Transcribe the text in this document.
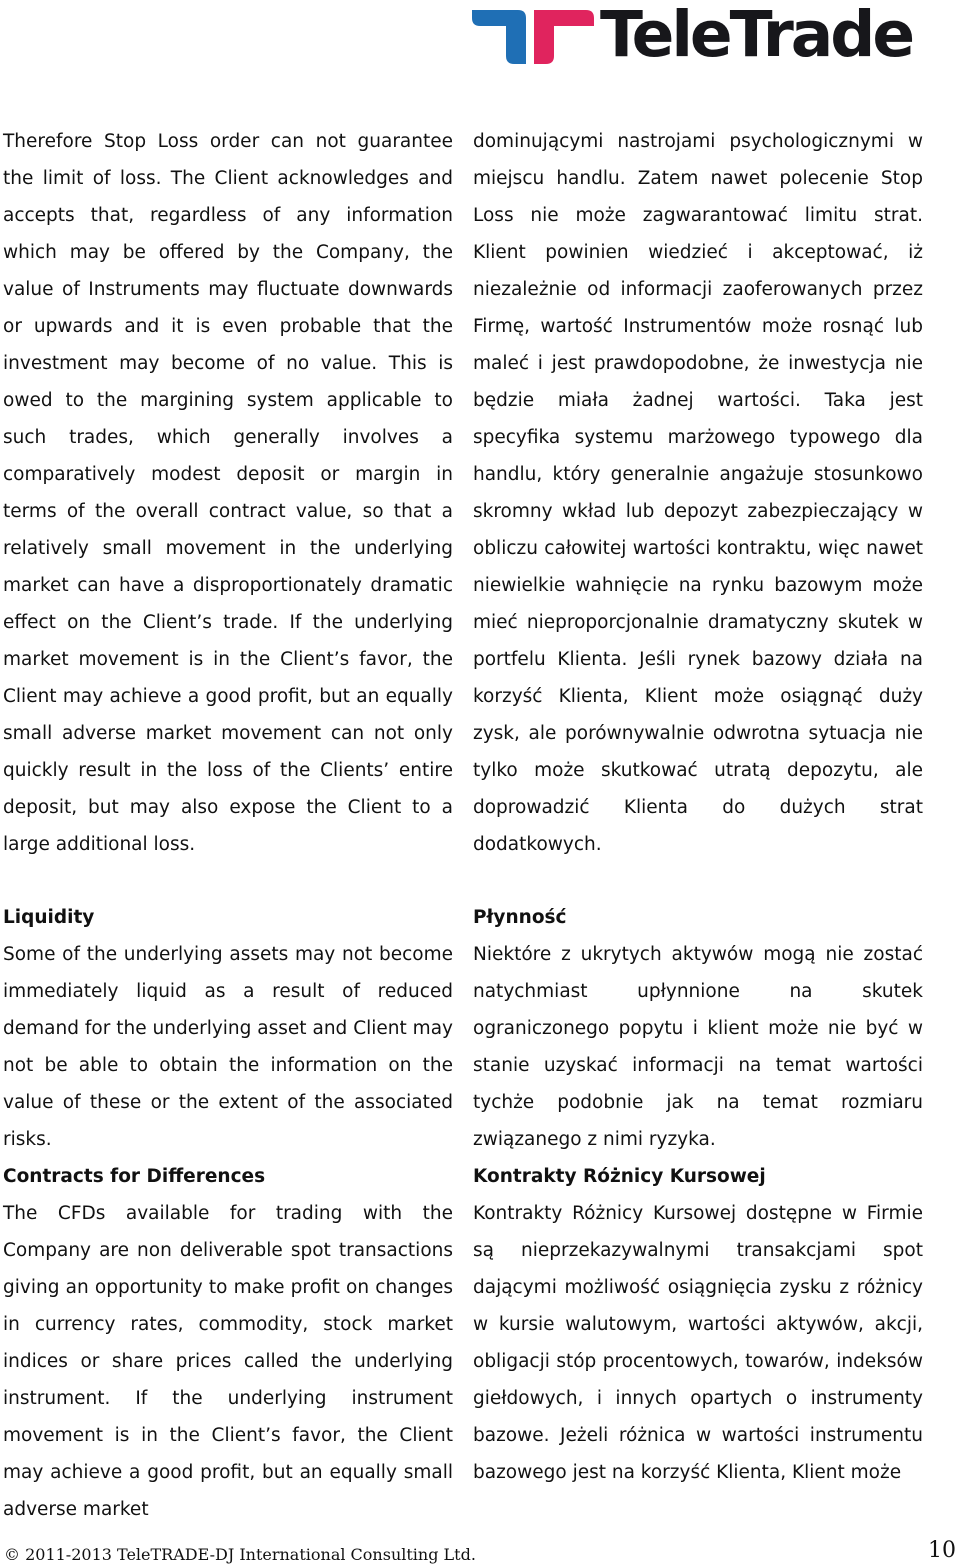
TeleTrade

Therefore Stop Loss order can not guarantee the limit of loss. The Client acknowledges and accepts that, regardless of any information which may be offered by the Company, the value of Instruments may fluctuate downwards or upwards and it is even probable that the investment may become of no value. This is owed to the margining system applicable to such trades, which generally involves a comparatively modest deposit or margin in terms of the overall contract value, so that a relatively small movement in the underlying market can have a disproportionately dramatic effect on the Client’s trade. If the underlying market movement is in the Client’s favor, the Client may achieve a good profit, but an equally small adverse market movement can not only quickly result in the loss of the Clients’ entire deposit, but may also expose the Client to a large additional loss.

dominującymi nastrojami psychologicznymi w miejscu handlu. Zatem nawet polecenie Stop Loss nie może zagwarantować limitu strat. Klient powinien wiedzieć i akceptować, iż niezależnie od informacji zaoferowanych przez Firmę, wartość Instrumentów może rosnąć lub maleć i jest prawdopodobne, że inwestycja nie będzie miała żadnej wartości. Taka jest specyfika systemu marżowego typowego dla handlu, który generalnie angażuje stosunkowo skromny wkład lub depozyt zabezpieczający w obliczu całowitej wartości kontraktu, więc nawet niewielkie wahnięcie na rynku bazowym może mieć nieproporcjonalnie dramatyczny skutek w portfelu Klienta. Jeśli rynek bazowy działa na korzyść Klienta, Klient może osiągnąć duży zysk, ale porównywalnie odwrotna sytuacja nie tylko może skutkować utratą depozytu, ale doprowadzić Klienta do dużych strat dodatkowych.

Liquidity

Some of the underlying assets may not become immediately liquid as a result of reduced demand for the underlying asset and Client may not be able to obtain the information on the value of these or the extent of the associated risks.

Płynność

Niektóre z ukrytych aktywów mogą nie zostać natychmiast upłynnione na skutek ograniczonego popytu i klient może nie być w stanie uzyskać informacji na temat wartości tychże podobnie jak na temat rozmiaru związanego z nimi ryzyka.

Contracts for Differences

The CFDs available for trading with the Company are non deliverable spot transactions giving an opportunity to make profit on changes in currency rates, commodity, stock market indices or share prices called the underlying instrument. If the underlying instrument movement is in the Client’s favor, the Client may achieve a good profit, but an equally small adverse market

Kontrakty Różnicy Kursowej

Kontrakty Różnicy Kursowej dostępne w Firmie są nieprzekazywalnymi transakcjami spot dającymi możliwość osiągnięcia zysku z różnicy w kursie walutowym, wartości aktywów, akcji, obligacji stóp procentowych, towarów, indeksów giełdowych, i innych opartych o instrumenty bazowe. Jeżeli różnica w wartości instrumentu bazowego jest na korzyść Klienta, Klient może

© 2011-2013 TeleTRADE-DJ International Consulting Ltd.	10
